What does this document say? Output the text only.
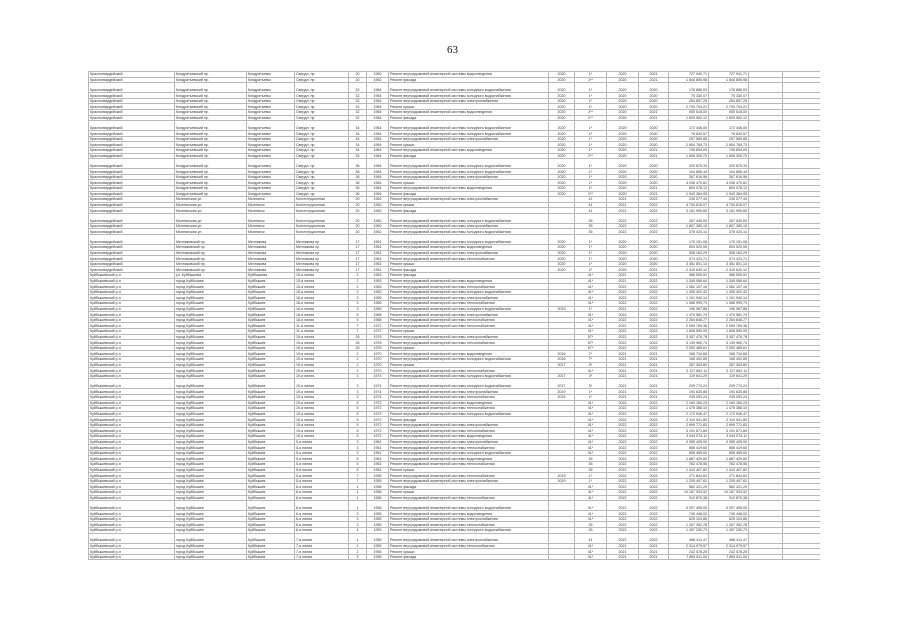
63
Красногвардейский	Кондратьевский пр.	Кондратьевск	Свердл. пр	20	1962	Ремонт внутридомовой инженерной системы водоотведения	2020	1*	2020	2021	727 940,71	727 941,71		
Красногвардейский	Кондратьевский пр.	Кондратьевск	Свердл. пр	20	1962	Ремонт фасада	2020	1**	2020	2021	1 844 806,98	1 844 806,98		
Красногвардейский	Кондратьевский пр.	Кондратьевск	Свердл. пр	32	1964	Ремонт внутридомовой инженерной системы холодного водоснабжения	2020	1*	2020	2020	178 886,03	178 886,03		
Красногвардейский	Кондратьевский пр.	Кондратьевск	Свердл. пр	32	1964	Ремонт внутридомовой инженерной системы холодного водоснабжения	2020	1*	2020	2020	75 330,07	75 330,07		
Красногвардейский	Кондратьевский пр.	Кондратьевск	Свердл. пр	32	1964	Ремонт внутридомовой инженерной системы электроснабжения	2020	1*	2020	2020	264 857,25	264 857,25		
Красногвардейский	Кондратьевский пр.	Кондратьевск	Свердл. пр	32	1964	Ремонт крыши	2020	1*	2020	2020	2 793 704,21	2 793 704,21		
Красногвардейский	Кондратьевский пр.	Кондратьевск	Свердл. пр	32	1964	Ремонт внутридомовой инженерной системы водоотведения	2020	2**	2020	2021	650 618,00	650 618,00		
Красногвардейский	Кондратьевский пр.	Кондратьевск	Свердл. пр	32	1964	Ремонт фасада	2020	2**	2020	2021	1 693 962,12	1 693 962,12		
Красногвардейский	Кондратьевский пр.	Кондратьевск	Свердл. пр	34	1964	Ремонт внутридомовой инженерной системы холодного водоснабжения	2020	1*	2020	2020	172 446,00	172 446,00		
Красногвардейский	Кондратьевский пр.	Кондратьевск	Свердл. пр	34	1964	Ремонт внутридомовой инженерной системы холодного водоснабжения	2020	1*	2020	2020	76 630,57	76 630,57		
Красногвардейский	Кондратьевский пр.	Кондратьевск	Свердл. пр	34	1964	Ремонт внутридомовой инженерной системы электроснабжения	2020	1*	2020	2020	257 589,88	257 589,88		
Красногвардейский	Кондратьевский пр.	Кондратьевск	Свердл. пр	34	1964	Ремонт крыши	2020	1*	2020	2020	2 854 769,73	2 854 769,73		
Красногвардейский	Кондратьевский пр.	Кондратьевск	Свердл. пр	34	1964	Ремонт внутридомовой инженерной системы водоотведения	2020	1*	2020	2021	706 894,00	706 894,00		
Красногвардейский	Кондратьевский пр.	Кондратьевск	Свердл. пр	34	1964	Ремонт фасада	2020	2**	2020	2021	1 608 300,73	1 608 300,73		
Красногвардейский	Кондратьевский пр.	Кондратьевск	Свердл. пр	36	1964	Ремонт внутридомовой инженерной системы холодного водоснабжения	2020	1*	2020	2020	220 879,33	220 879,33		
Красногвардейский	Кондратьевский пр.	Кондратьевск	Свердл. пр	36	1964	Ремонт внутридомовой инженерной системы холодного водоснабжения	2020	1*	2020	2020	104 856,44	104 856,44		
Красногвардейский	Кондратьевский пр.	Кондратьевск	Свердл. пр	36	1964	Ремонт внутридомовой инженерной системы электроснабжения	2020	1*	2020	2020	367 616,96	367 616,96		
Красногвардейский	Кондратьевский пр.	Кондратьевск	Свердл. пр	36	1964	Ремонт крыши	2020	1*	2020	2020	4 036 470,81	4 036 470,81		
Красногвардейский	Кондратьевский пр.	Кондратьевск	Свердл. пр	36	1964	Ремонт внутридомовой инженерной системы водоотведения	2020	1*	2020	2021	804 078,12	804 078,12		
Красногвардейский	Кондратьевский пр.	Кондратьевск	Свердл. пр	36	1964	Ремонт фасада	2020	2**	2020	2021	1 943 384,95	1 943 384,95		
Красногвардейский	Мытнинская ул.	Мытнинск	Конституционная	20	1962	Ремонт внутридомовой инженерной системы электроснабжения		41	2021	2022	230 077,44	230 077,44		
Красногвардейский	Мытнинская ул.	Мытнинск	Конституционная	20	1962	Ремонт крыши		41	2021	2022	4 704 615,07	4 704 615,07		
Красногвардейский	Мытнинская ул.	Мытнинск	Конституционная	20	1962	Ремонт фасада		41	2021	2022	3 151 999,60	3 151 999,60		
Красногвардейский	Мытнинская ул.	Мытнинск	Конституционная	20	1962	Ремонт внутридомовой инженерной системы холодного водоснабжения		35	2022	2022	267 440,00	267 540,00		
Красногвардейский	Мытнинская ул.	Мытнинск	Конституционная	20	1962	Ремонт внутридомовой инженерной системы электроснабжения		35	2022	2022	1 807 385,15	1 807 385,15		
Красногвардейский	Мытнинская ул.	Мытнинск	Конституционная	20	1962	Ремонт внутридомовой инженерной системы холодного водоснабжения		35	2022	2022	378 420,14	378 420,14		
Красногвардейский	Мечниковский пр.	Мечникова	Мечникова пр	17	1961	Ремонт внутридомовой инженерной системы холодного водоснабжения	2020	1*	2020	2020	170 151,06	170 151,06		
Красногвардейский	Мечниковский пр.	Мечникова	Мечникова пр	17	1961	Ремонт внутридомовой инженерной системы водоотведения	2020	1*	2020	2020	694 520,06	694 520,06		
Красногвардейский	Мечниковский пр.	Мечникова	Мечникова пр	17	1961	Ремонт внутридомовой инженерной системы электроснабжения	2020	1*	2020	2020	306 163,29	306 163,29		
Красногвардейский	Мечниковский пр.	Мечникова	Мечникова пр	17	1961	Ремонт внутридомовой инженерной системы теплоснабжения	2020	1*	2020	2020	374 423,71	374 423,71		
Красногвардейский	Мечниковский пр.	Мечникова	Мечникова пр	17	1961	Ремонт крыши	2020	1*	2020	2020	3 451 801,14	3 451 801,14		
Красногвардейский	Мечниковский пр.	Мечникова	Мечникова пр	17	1961	Ремонт фасада	2020	2*	2020	2021	2 415 640,12	2 415 620,12		
Куйбышевский р-н	ул. Куйбышева	Куйбышева	15-я линия	2	1963	Ремонт фасада		41*	2021	2021	966 505,51	966 505,51		
Куйбышевский р-н	город Куйбышев	Куйбышев	15-я линия	2	1963	Ремонт внутридомовой инженерной системы водоотведения		41*	2021	2022	1 345 956,64	1 345 956,64		
Куйбышевский р-н	город Куйбышев	Куйбышев	15-я линия	2	1963	Ремонт внутридомовой инженерной системы теплоснабжения		41*	2022	2022	1 062 107,16	1 062 107,16		
Куйбышевский р-н	город Куйбышев	Куйбышев	15-я линия	2	1963	Ремонт внутридомовой инженерной системы холодного водоснабжения		41*	2022	2022	1 405 402,42	1 405 402,42		
Куйбышевский р-н	город Куйбышев	Куйбышев	16-я линия	3	1965	Ремонт внутридомовой инженерной системы электроснабжения		41*	2022	2022	1 101 940,14	1 101 940,14		
Куйбышевский р-н	город Куйбышев	Куйбышев	16-я линия	3	1965	Ремонт внутридомовой инженерной системы теплоснабжения		41*	2022	2022	1 068 999,73	1 068 999,73		
Куйбышевский р-н	город Куйбышев	Куйбышев	16-я линия	3	1965	Ремонт внутридомовой инженерной системы холодного водоснабжения	2019	1*	2021	2022	196 967,88	196 967,88		
Куйбышевский р-н	город Куйбышев	Куйбышев	18-я линия	5	1968	Ремонт внутридомовой инженерной системы электроснабжения		41*	2022	2022	1 470 581,79	1 470 581,79		
Куйбышевский р-н	город Куйбышев	Куйбышев	18-я линия	5	1968	Ремонт внутридомовой инженерной системы теплоснабжения		41*	2022	2022	2 264 848,77	2 264 848,77		
Куйбышевский р-н	город Куйбышев	Куйбышев	11-я линия	7	1972	Ремонт внутридомовой инженерной системы теплоснабжения		41*	2022	2022	2 099 769,36	2 099 769,36		
Куйбышевский р-н	город Куйбышев	Куйбышев	11-я линия	7	1972	Ремонт крыши		41*	2022	2022	1 608 590,00	1 608 590,00		
Куйбышевский р-н	город Куйбышев	Куйбышев	19-я линия	26	1976	Ремонт внутридомовой инженерной системы электроснабжения		57*	2022	2022	3 457 476,78	3 457 476,78		
Куйбышевский р-н	город Куйбышев	Куйбышев	19-я линия	26	1976	Ремонт внутридомовой инженерной системы теплоснабжения		57*	2022	2022	3 139 960,74	3 139 960,74		
Куйбышевский р-н	город Куйбышев	Куйбышев	19-я линия	26	1976	Ремонт крыши		57*	2022	2022	2 052 489,61	2 052 489,61		
Куйбышевский р-н	город Куйбышев	Куйбышев	19-я линия	2	1970	Ремонт внутридомовой инженерной системы водоотведения	2016	7*	2021	2021	268 734,66	268 734,66		
Куйбышевский р-н	город Куйбышев	Куйбышев	19-я линия	2	1970	Ремонт внутридомовой инженерной системы холодного водоснабжения	2016	7*	2021	2021	166 492,85	166 492,85		
Куйбышевский р-н	город Куйбышев	Куйбышев	19-я линия	2	1970	Ремонт крыши	2017	3*	2021	2021	267 304,80	267 304,80		
Куйбышевский р-н	город Куйбышев	Куйбышев	19-я линия	2	1970	Ремонт внутридомовой инженерной системы теплоснабжения		41*	2021	2021	2 127 892,11	2 127 892,11		
Куйбышевский р-н	город Куйбышев	Куйбышев	19-я линия	3	1974	Ремонт внутридомовой инженерной системы холодного водоснабжения	2017	3*	2021	2021	119 641,29	119 641,29		
Куйбышевский р-н	город Куйбышев	Куйбышев	19-я линия	3	1974	Ремонт внутридомовой инженерной системы холодного водоснабжения	2017	3*	2021	2021	209 774,24	209 774,24		
Куйбышевский р-н	город Куйбышев	Куйбышев	19-я линия	3	1974	Ремонт внутридомовой инженерной системы электроснабжения	2019	1*	2021	2021	193 630,86	193 630,86		
Куйбышевский р-н	город Куйбышев	Куйбышев	19-я линия	3	1974	Ремонт внутридомовой инженерной системы теплоснабжения	2019	1*	2021	2021	249 093,24	249 093,24		
Куйбышевский р-н	город Куйбышев	Куйбышев	19-я линия	5	1972	Ремонт внутридомовой инженерной системы водоотведения		41*	2022	2022	2 163 160,23	2 163 160,23		
Куйбышевский р-н	город Куйбышев	Куйбышев	19-я линия	5	1972	Ремонт внутридомовой инженерной системы теплоснабжения		41*	2022	2022	1 475 386,10	1 475 386,10		
Куйбышевский р-н	город Куйбышев	Куйбышев	19-я линия	5	1972	Ремонт внутридомовой инженерной системы холодного водоснабжения		41*	2022	2022	2 172 946,47	2 172 946,47		
Куйбышевский р-н	город Куйбышев	Куйбышев	19-я линия	5	1972	Ремонт фасада		41*	2022	2022	2 110 941,80	2 110 941,80		
Куйбышевский р-н	город Куйбышев	Куйбышев	19-я линия	5	1972	Ремонт внутридомовой инженерной системы электроснабжения		41*	2022	2022	2 699 771,83	2 699 771,83		
Куйбышевский р-н	город Куйбышев	Куйбышев	19-я линия	5	1972	Ремонт внутридомовой инженерной системы теплоснабжения		41*	2022	2022	3 191 871,84	3 191 871,84		
Куйбышевский р-н	город Куйбышев	Куйбышев	19-я линия	5	1972	Ремонт внутридомовой инженерной системы водоотведения		41*	2022	2022	3 943 074,11	3 943 074,11		
Куйбышевский р-н	город Куйбышев	Куйбышев	5-я линия	3	1961	Ремонт внутридомовой инженерной системы электроснабжения		41*	2022	2022	3 055 405,90	3 055 405,90		
Куйбышевский р-н	город Куйбышев	Куйбышев	5-я линия	3	1961	Ремонт внутридомовой инженерной системы теплоснабжения		41*	2022	2022	856 419,60	856 419,60		
Куйбышевский р-н	город Куйбышев	Куйбышев	5-я линия	3	1961	Ремонт внутридомовой инженерной системы холодного водоснабжения		41*	2022	2022	806 465,00	806 465,00		
Куйбышевский р-н	город Куйбышев	Куйбышев	5-я линия	5	1961	Ремонт внутридомовой инженерной системы водоотведения		35	2022	2022	1 867 429,60	1 867 429,60		
Куйбышевский р-н	город Куйбышев	Куйбышев	5-я линия	5	1961	Ремонт внутридомовой инженерной системы теплоснабжения		35	2022	2022	762 478,56	762 478,56		
Куйбышевский р-н	город Куйбышев	Куйбышев	5-я линия	5	1961	Ремонт крыши		35	2022	2022	1 413 407,82	1 413 407,82		
Куйбышевский р-н	город Куйбышев	Куйбышев	5-я линия	7	1955	Ремонт внутридомовой инженерной системы теплоснабжения	2019	1*	2022	2022	271 844,60	271 844,60		
Куйбышевский р-н	город Куйбышев	Куйбышев	5-я линия	7	1955	Ремонт внутридомовой инженерной системы электроснабжения	2019	1*	2022	2022	1 205 497,62	1 205 497,62		
Куйбышевский р-н	город Куйбышев	Куйбышев	6-я линия	1	1958	Ремонт фасада		41*	2022	2022	562 421,20	562 421,20		
Куйбышевский р-н	город Куйбышев	Куйбышев	6-я линия	1	1958	Ремонт крыши		41*	2022	2022	10 187 933,52	10 187 933,52		
Куйбышевский р-н	город Куйбышев	Куйбышев	6-я линия	1	1958	Ремонт внутридомовой инженерной системы теплоснабжения		41*	2022	2022	912 870,38	912 870,38		
Куйбышевский р-н	город Куйбышев	Куйбышев	6-я линия	1	1958	Ремонт внутридомовой инженерной системы холодного водоснабжения		41*	2022	2022	3 007 495,00	3 007 495,00		
Куйбышевский р-н	город Куйбышев	Куйбышев	6-я линия	3	1955	Ремонт внутридомовой инженерной системы водоотведения		41*	2022	2022	740 448,02	740 448,02		
Куйбышевский р-н	город Куйбышев	Куйбышев	6-я линия	3	1955	Ремонт внутридомовой инженерной системы электроснабжения		41*	2022	2022	625 104,86	625 104,86		
Куйбышевский р-н	город Куйбышев	Куйбышев	6-я линия	3	1955	Ремонт внутридомовой инженерной системы теплоснабжения		35	2022	2022	1 267 392,78	1 267 392,78		
Куйбышевский р-н	город Куйбышев	Куйбышев	6-я линия	4	1953	Ремонт внутридомовой инженерной системы холодного водоснабжения		35	2022	2022	1 457 230,73	1 457 230,73		
Куйбышевский р-н	город Куйбышев	Куйбышев	7-я линия	1	1955	Ремонт внутридомовой инженерной системы электроснабжения		41	2022	2022	966 411,47	966 411,47		
Куйбышевский р-н	город Куйбышев	Куйбышев	7-я линия	1	1955	Ремонт внутридомовой инженерной системы теплоснабжения		41*	2021	2021	2 314 979,97	2 314 979,97		
Куйбышевский р-н	город Куйбышев	Куйбышев	7-я линия	2	1955	Ремонт крыши		41*	2021	2021	242 578,28	242 578,28		
Куйбышевский р-н	город Куйбышев	Куйбышев	7-я линия	3	1955	Ремонт фасада		41*	2021	2021	7 869 611,00	7 869 611,00		
